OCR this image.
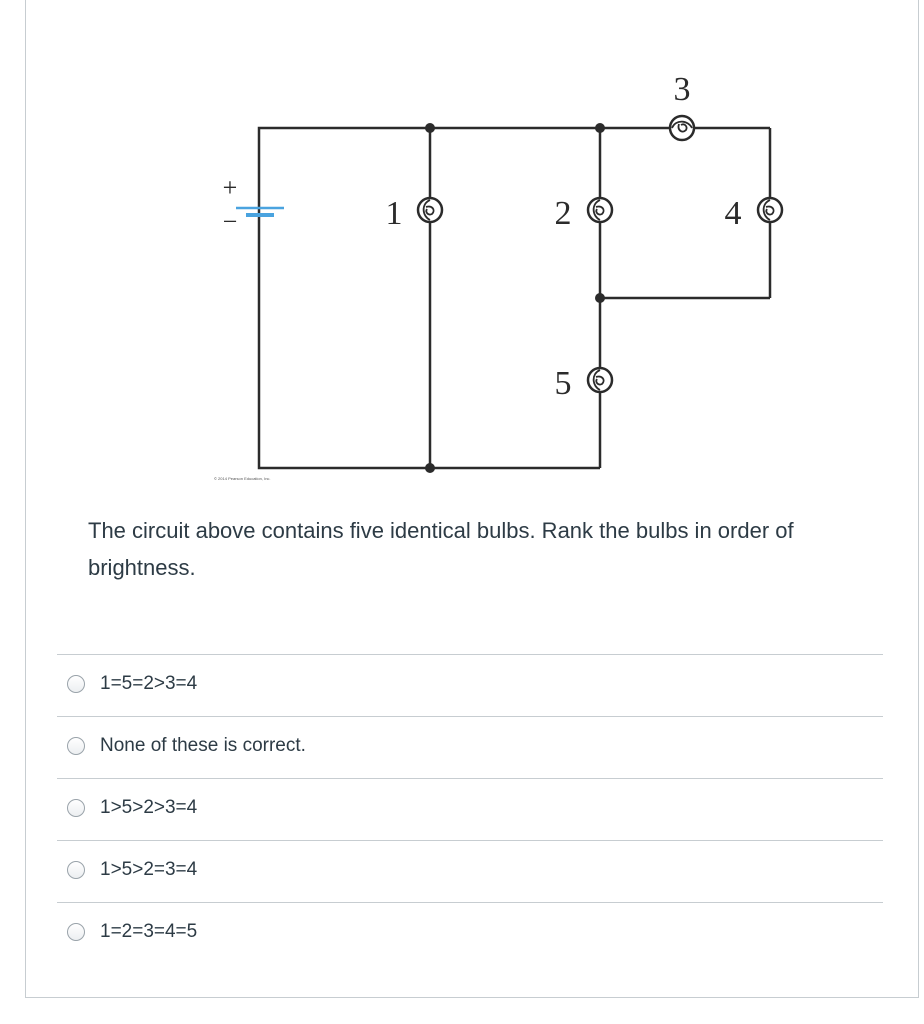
+
−	1	2
3
4
5
© 2014 Pearson Education, Inc.
The circuit above contains five identical bulbs. Rank the bulbs in order of brightness.
1=5=2>3=4
None of these is correct.
1>5>2>3=4
1>5>2=3=4
1=2=3=4=5
